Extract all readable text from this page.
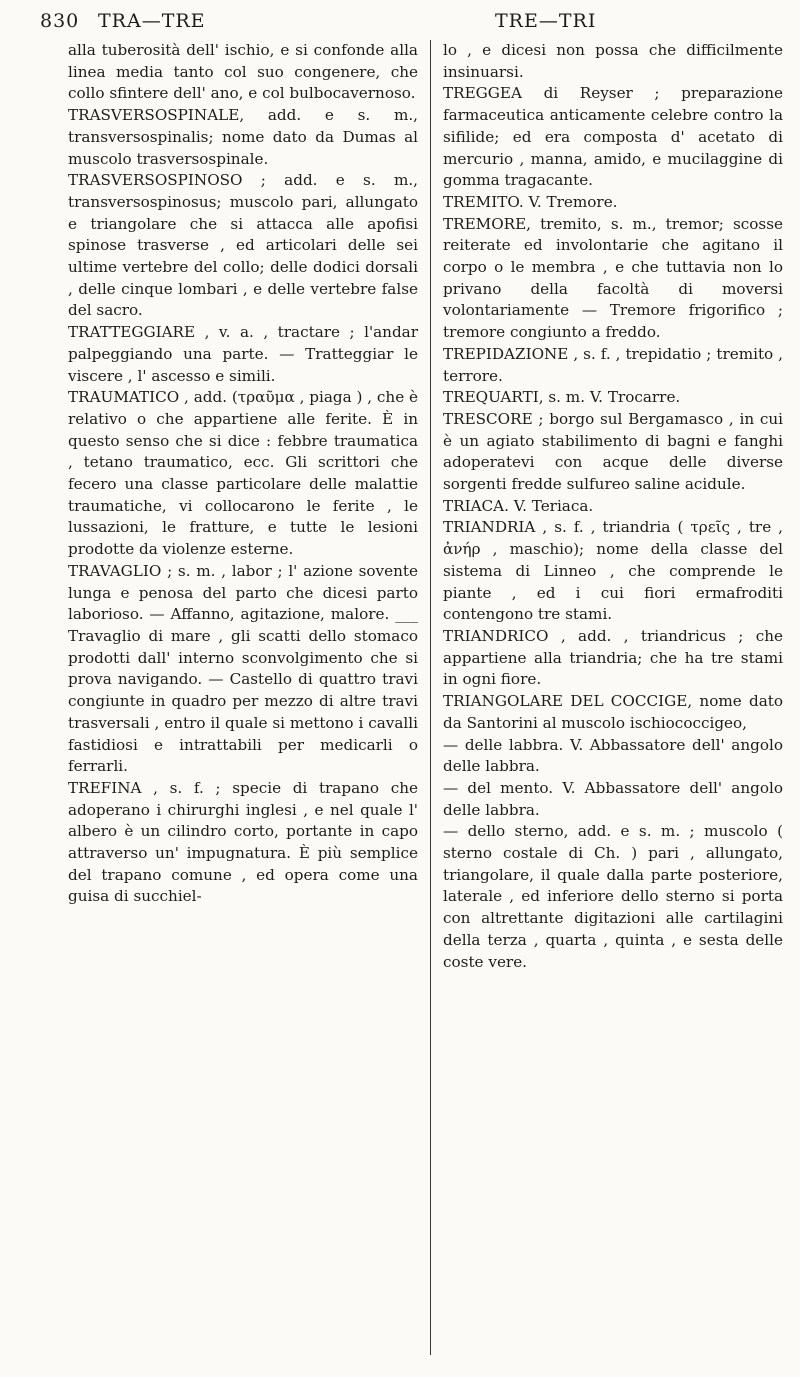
830 TRA—TRE	TRE—TRI

alla tuberosità dell' ischio, e si confonde alla linea media tanto col suo congenere, che collo sfintere dell' ano, e col bulbocavernoso.

TRASVERSOSPINALE, add. e s. m., transversospinalis; nome dato da Dumas al muscolo trasversospinale.

TRASVERSOSPINOSO ; add. e s. m., transversospinosus; muscolo pari, allungato e triangolare che si attacca alle apofisi spinose trasverse , ed articolari delle sei ultime vertebre del collo; delle dodici dorsali , delle cinque lombari , e delle vertebre false del sacro.

TRATTEGGIARE , v. a. , tractare ; l'andar palpeggiando una parte. — Tratteggiar le viscere , l' ascesso e simili.

TRAUMATICO , add. (τραῦμα , piaga ) , che è relativo o che appartiene alle ferite. È in questo senso che si dice : febbre traumatica , tetano traumatico, ecc. Gli scrittori che fecero una classe particolare delle malattie traumatiche, vi collocarono le ferite , le lussazioni, le fratture, e tutte le lesioni prodotte da violenze esterne.

TRAVAGLIO ; s. m. , labor ; l' azione sovente lunga e penosa del parto che dicesi parto laborioso. — Affanno, agitazione, malore. ___ Travaglio di mare , gli scatti dello stomaco prodotti dall' interno sconvolgimento che si prova navigando. — Castello di quattro travi congiunte in quadro per mezzo di altre travi trasversali , entro il quale si mettono i cavalli fastidiosi e intrattabili per medicarli o ferrarli.

TREFINA , s. f. ; specie di trapano che adoperano i chirurghi inglesi , e nel quale l' albero è un cilindro corto, portante in capo attraverso un' impugnatura. È più semplice del trapano comune , ed opera come una guisa di succhiel-

lo , e dicesi non possa che difficilmente insinuarsi.

TREGGEA di Reyser ; preparazione farmaceutica anticamente celebre contro la sifilide; ed era composta d' acetato di mercurio , manna, amido, e mucilaggine di gomma tragacante.

TREMITO. V. Tremore.

TREMORE, tremito, s. m., tremor; scosse reiterate ed involontarie che agitano il corpo o le membra , e che tuttavia non lo privano della facoltà di moversi volontariamente — Tremore frigorifico ; tremore congiunto a freddo.

TREPIDAZIONE , s. f. , trepidatio ; tremito , terrore.

TREQUARTI, s. m. V. Trocarre.

TRESCORE ; borgo sul Bergamasco , in cui è un agiato stabilimento di bagni e fanghi adoperatevi con acque delle diverse sorgenti fredde sulfureo saline acidule.

TRIACA. V. Teriaca.

TRIANDRIA , s. f. , triandria ( τρεῖς , tre , ἀνήρ , maschio); nome della classe del sistema di Linneo , che comprende le piante , ed i cui fiori ermafroditi contengono tre stami.

TRIANDRICO , add. , triandricus ; che appartiene alla triandria; che ha tre stami in ogni fiore.

TRIANGOLARE DEL COCCIGE, nome dato da Santorini al muscolo ischiococcigeo,

— delle labbra. V. Abbassatore dell' angolo delle labbra.

— del mento. V. Abbassatore dell' angolo delle labbra.

— dello sterno, add. e s. m. ; muscolo ( sterno costale di Ch. ) pari , allungato, triangolare, il quale dalla parte posteriore, laterale , ed inferiore dello sterno si porta con altrettante digitazioni alle cartilagini della terza , quarta , quinta , e sesta delle coste vere.
